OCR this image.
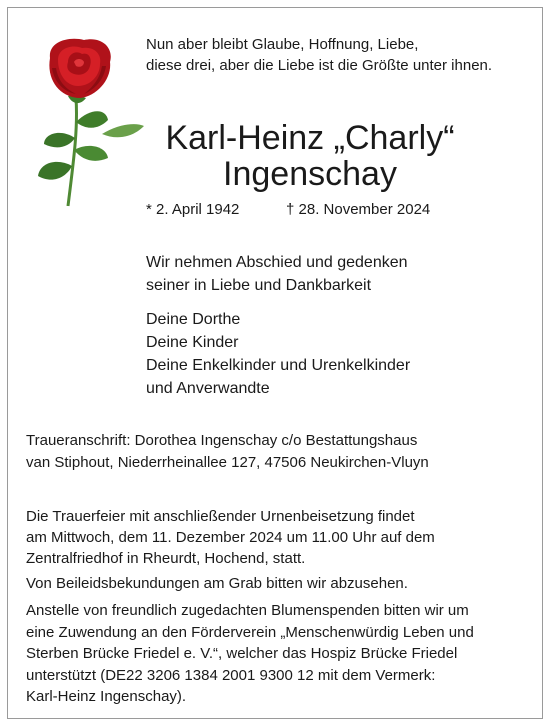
Nun aber bleibt Glaube, Hoffnung, Liebe,
diese drei, aber die Liebe ist die Größte unter ihnen.
Karl-Heinz „Charly“
Ingenschay
* 2. April 1942	† 28. November 2024
Wir nehmen Abschied und gedenken
seiner in Liebe und Dankbarkeit
Deine Dorthe
Deine Kinder
Deine Enkelkinder und Urenkelkinder
und Anverwandte
Traueranschrift: Dorothea Ingenschay c/o Bestattungshaus
van Stiphout, Niederrheinallee 127, 47506 Neukirchen-Vluyn
Die Trauerfeier mit anschließender Urnenbeisetzung findet
am Mittwoch, dem 11. Dezember 2024 um 11.00 Uhr auf dem
Zentralfriedhof in Rheurdt, Hochend, statt.
Von Beileidsbekundungen am Grab bitten wir abzusehen.
Anstelle von freundlich zugedachten Blumenspenden bitten wir um
eine Zuwendung an den Förderverein „Menschenwürdig Leben und
Sterben Brücke Friedel e. V.“, welcher das Hospiz Brücke Friedel
unterstützt (DE22 3206 1384 2001 9300 12 mit dem Vermerk:
Karl-Heinz Ingenschay).
